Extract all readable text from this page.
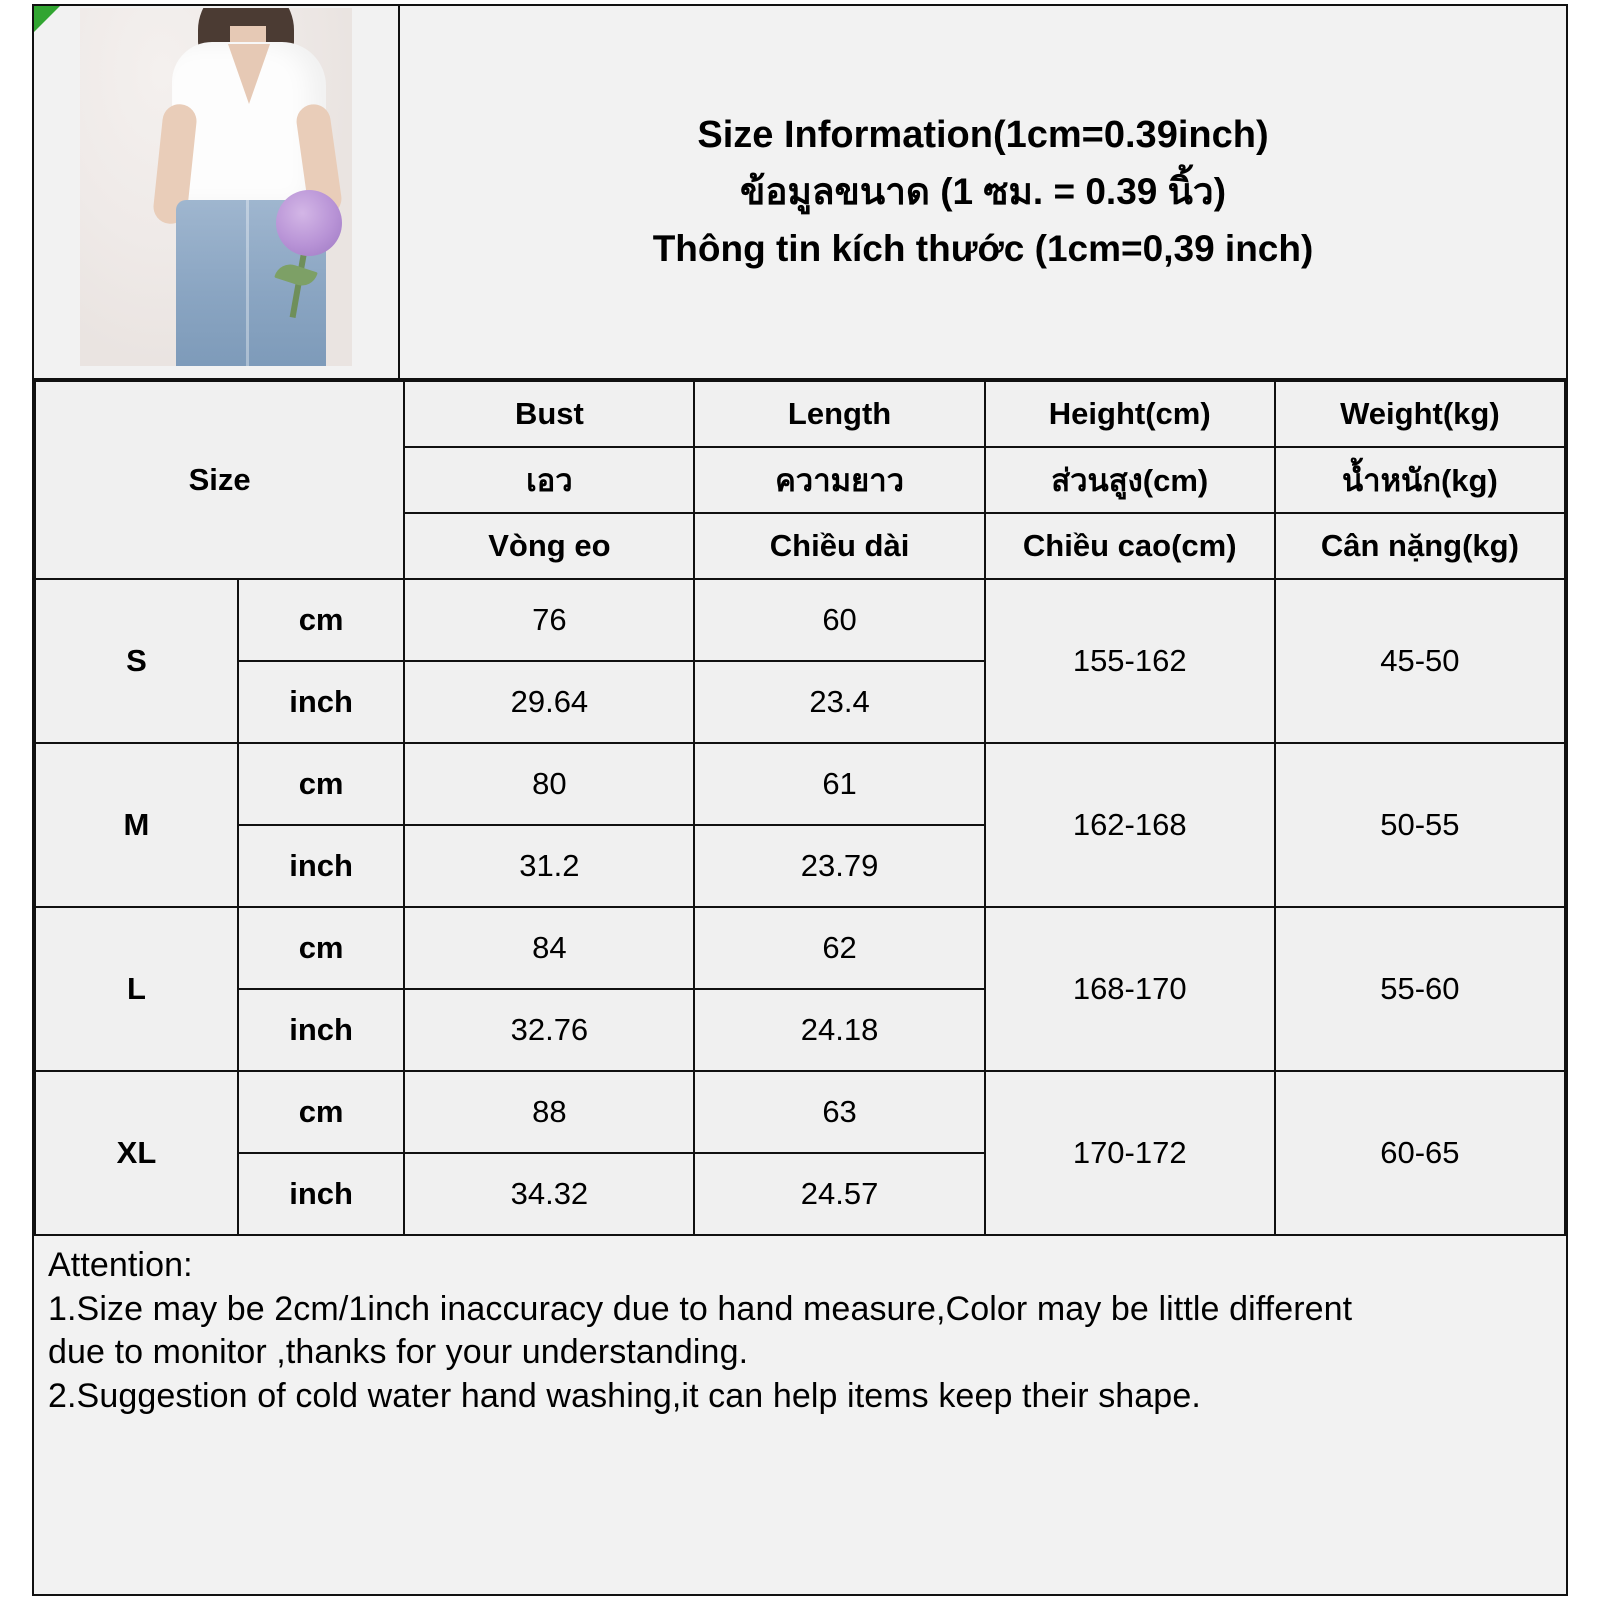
Size Information(1cm=0.39inch)
ข้อมูลขนาด (1 ซม. = 0.39 นิ้ว)
Thông tin kích thước (1cm=0,39 inch)
Size		Bust	Length	Height(cm)	Weight(kg)
		เอว	ความยาว	ส่วนสูง(cm)	น้ำหนัก(kg)
		Vòng eo	Chiều dài	Chiều cao(cm)	Cân nặng(kg)
S	cm	76	60	155-162	45-50
	inch	29.64	23.4		
M	cm	80	61	162-168	50-55
	inch	31.2	23.79		
L	cm	84	62	168-170	55-60
	inch	32.76	24.18		
XL	cm	88	63	170-172	60-65
	inch	34.32	24.57		

Attention:

1.Size may be 2cm/1inch inaccuracy due to hand measure,Color may be little different

due to monitor ,thanks for your understanding.

2.Suggestion of cold water hand washing,it can help items keep their shape.
